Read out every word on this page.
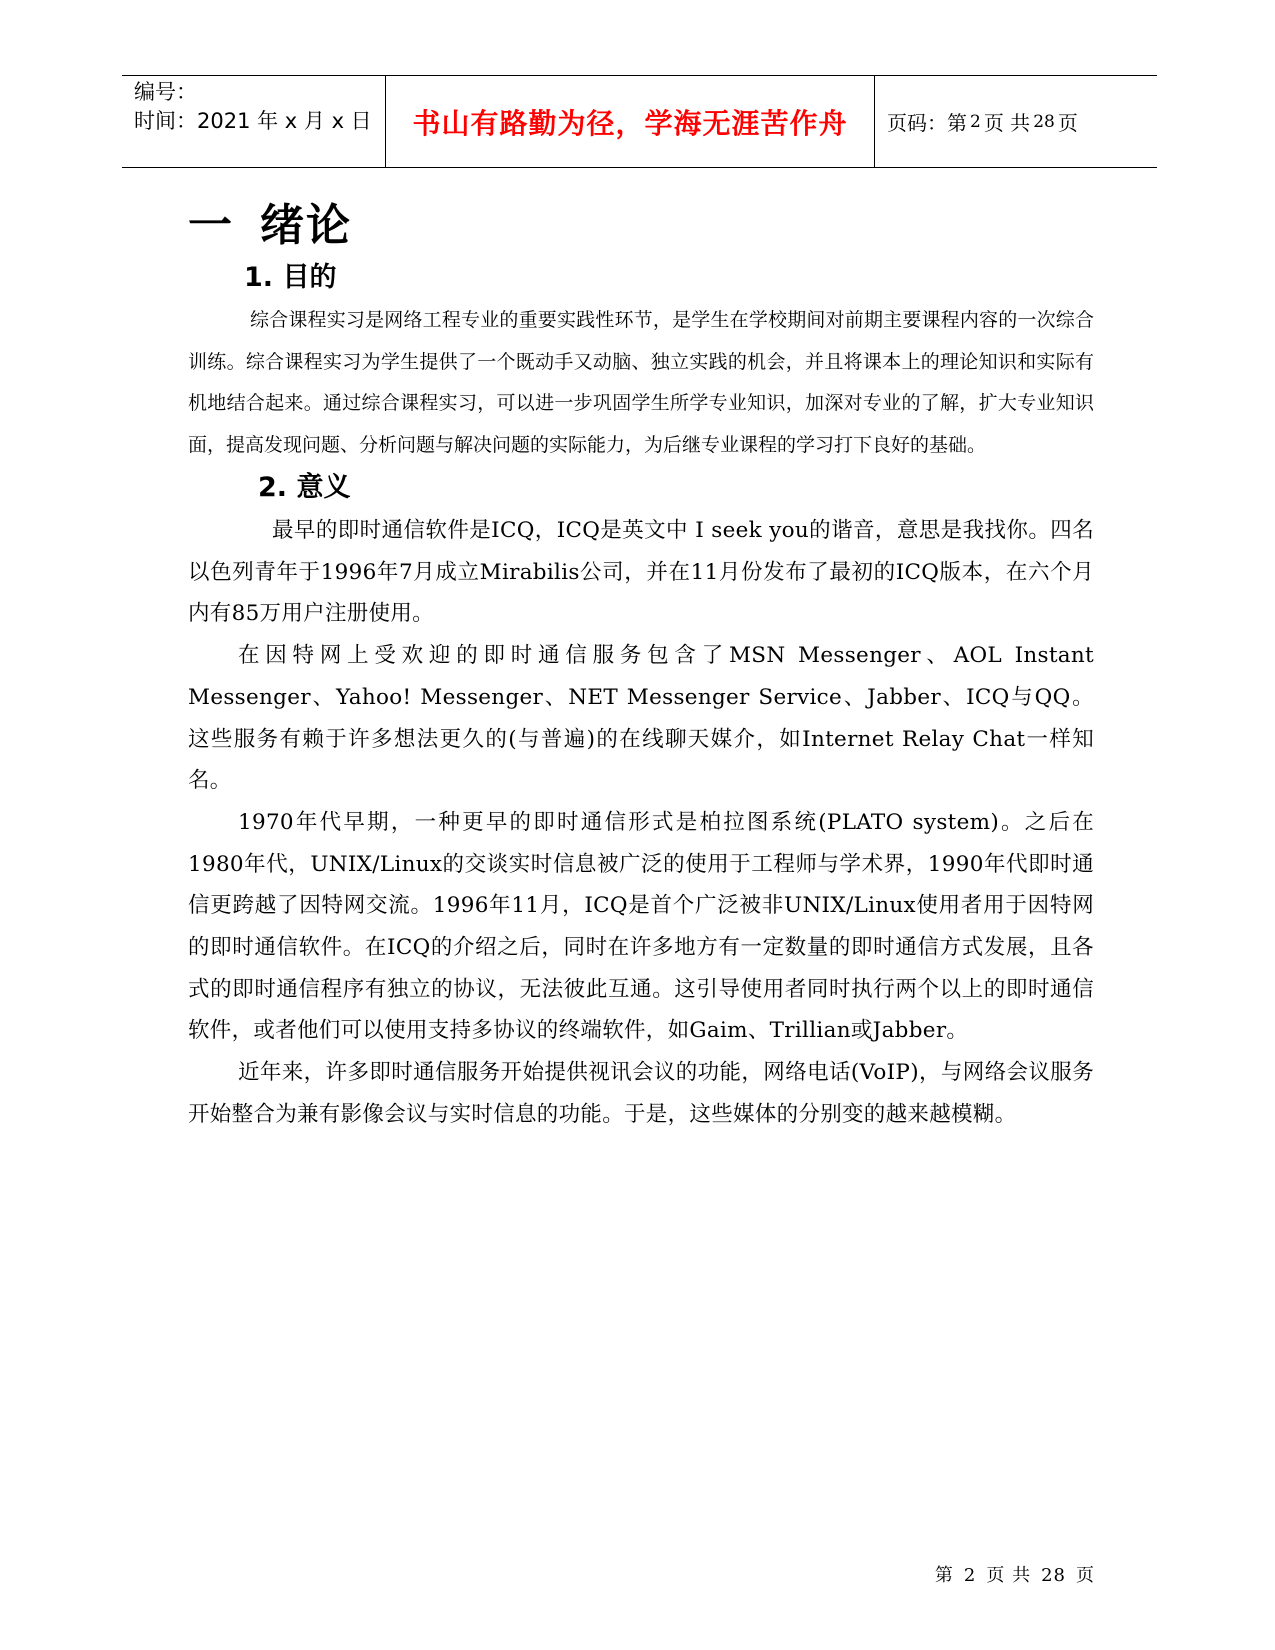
编号：
时间：2021 年 x 月 x 日	书山有路勤为径，学海无涯苦作舟	页码：第 2 页 共 28 页
一 绪论
1. 目的

综合课程实习是网络工程专业的重要实践性环节，是学生在学校期间对前期主要课程内容的一次综合训练。综合课程实习为学生提供了一个既动手又动脑、独立实践的机会，并且将课本上的理论知识和实际有机地结合起来。通过综合课程实习，可以进一步巩固学生所学专业知识，加深对专业的了解，扩大专业知识面，提高发现问题、分析问题与解决问题的实际能力，为后继专业课程的学习打下良好的基础。

2. 意义

最早的即时通信软件是ICQ，ICQ是英文中 I seek you的谐音，意思是我找你。四名以色列青年于1996年7月成立Mirabilis公司，并在11月份发布了最初的ICQ版本，在六个月内有85万用户注册使用。

在因特网上受欢迎的即时通信服务包含了MSN Messenger、AOL Instant Messenger、Yahoo! Messenger、NET Messenger Service、Jabber、ICQ与QQ。 这些服务有赖于许多想法更久的(与普遍)的在线聊天媒介，如Internet Relay Chat一样知名。

1970年代早期，一种更早的即时通信形式是柏拉图系统(PLATO system)。之后在1980年代，UNIX/Linux的交谈实时信息被广泛的使用于工程师与学术界，1990年代即时通信更跨越了因特网交流。1996年11月，ICQ是首个广泛被非UNIX/Linux使用者用于因特网的即时通信软件。在ICQ的介绍之后，同时在许多地方有一定数量的即时通信方式发展，且各式的即时通信程序有独立的协议，无法彼此互通。这引导使用者同时执行两个以上的即时通信软件，或者他们可以使用支持多协议的终端软件，如Gaim、Trillian或Jabber。

近年来，许多即时通信服务开始提供视讯会议的功能，网络电话(VoIP)，与网络会议服务开始整合为兼有影像会议与实时信息的功能。于是，这些媒体的分别变的越来越模糊。

第 2 页 共 28 页
